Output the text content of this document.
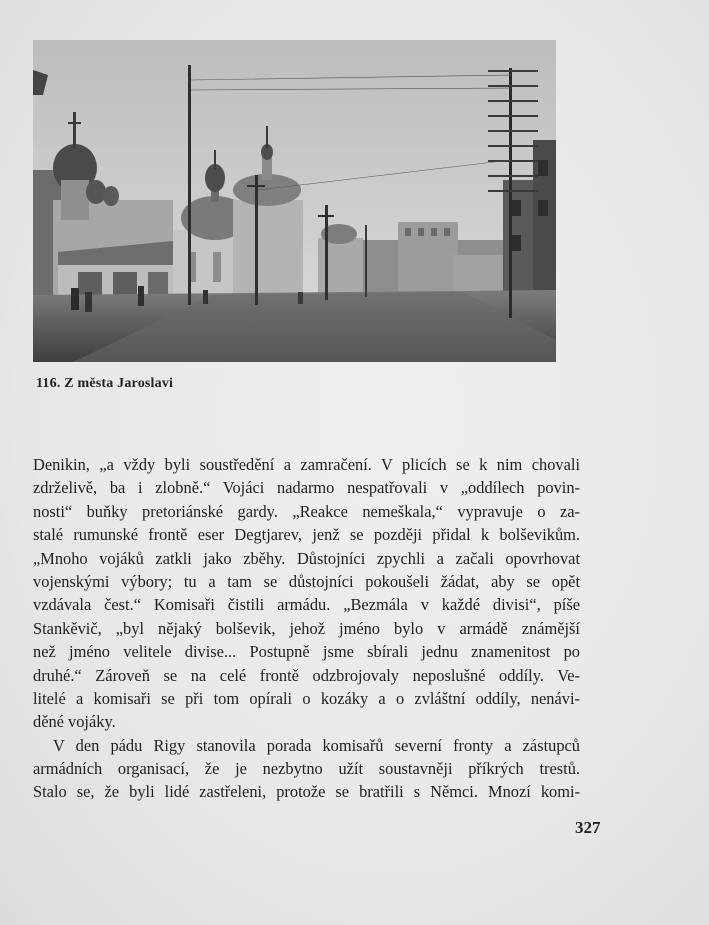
116. Z města Jaroslavi
Denikin, „a vždy byli soustředění a zamračení. V plicích se k nim chovali
zdrželivě, ba i zlobně.“ Vojáci nadarmo nespatřovali v „oddílech povin-
nosti“ buňky pretoriánské gardy. „Reakce nemeškala,“ vypravuje o za-
stalé rumunské frontě eser Degtjarev, jenž se později přidal k bolševikům.
„Mnoho vojáků zatkli jako zběhy. Důstojníci zpychli a začali opovrhovat
vojenskými výbory; tu a tam se důstojníci pokoušeli žádat, aby se opět
vzdávala čest.“ Komisaři čistili armádu. „Bezmála v každé divisi“, píše
Stankěvič, „byl nějaký bolševik, jehož jméno bylo v armádě známější
než jméno velitele divise... Postupně jsme sbírali jednu znamenitost po
druhé.“ Zároveň se na celé frontě odzbrojovaly neposlušné oddíly. Ve-
litelé a komisaři se při tom opírali o kozáky a o zvláštní oddíly, nenávi-
děné vojáky.
V den pádu Rigy stanovila porada komisařů severní fronty a zástupců
armádních organisací, že je nezbytno užít soustavněji příkrých trestů.
Stalo se, že byli lidé zastřeleni, protože se bratřili s Němci. Mnozí komi-
327
